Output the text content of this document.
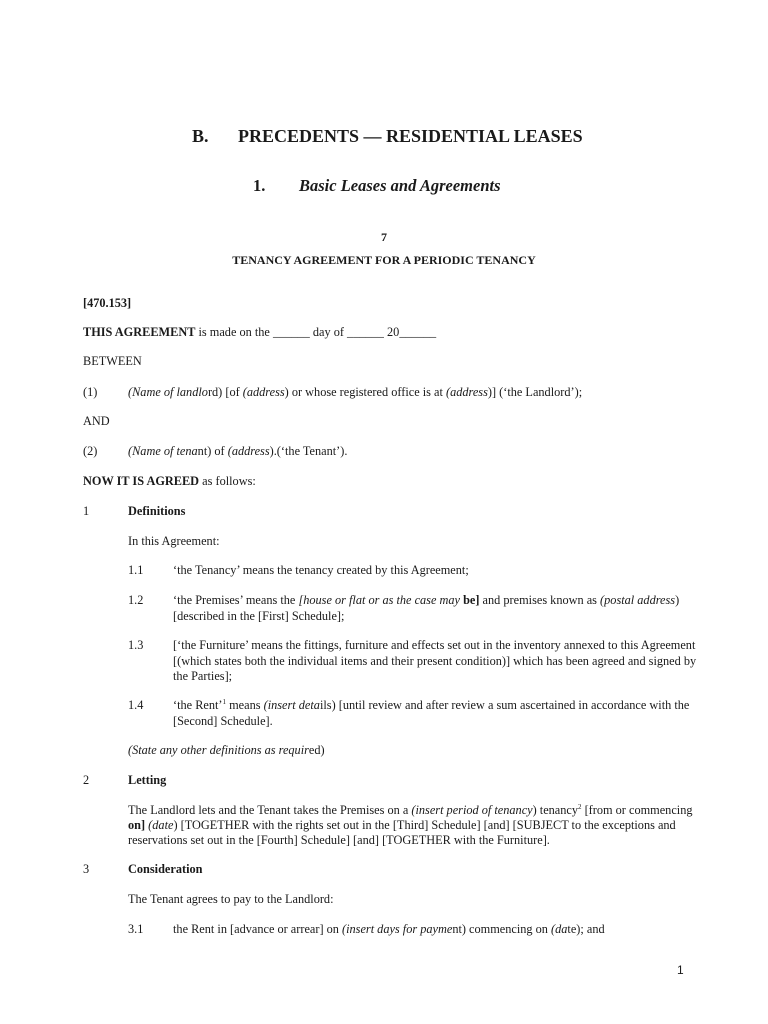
B. PRECEDENTS — RESIDENTIAL LEASES
1. Basic Leases and Agreements
7
TENANCY AGREEMENT FOR A PERIODIC TENANCY
[470.153]
THIS AGREEMENT is made on the ______ day of ______ 20______
BETWEEN
(1) (Name of landlord) [of (address) or whose registered office is at (address)] (‘the Landlord’);
AND
(2) (Name of tenant) of (address).(‘the Tenant’).
NOW IT IS AGREED as follows:
1	Definitions
In this Agreement:
1.1 ‘the Tenancy’ means the tenancy created by this Agreement;
1.2 ‘the Premises’ means the [house or flat or as the case may be] and premises known as (postal address)
[described in the [First] Schedule];
1.3 [‘the Furniture’ means the fittings, furniture and effects set out in the inventory annexed to this Agreement
[(which states both the individual items and their present condition)] which has been agreed and signed by
the Parties];
1.4 ‘the Rent’$^1$ means (insert details) [until review and after review a sum ascertained in accordance with the
[Second] Schedule].
(State any other definitions as required)
2	Letting
The Landlord lets and the Tenant takes the Premises on a (insert period of tenancy) tenancy$^2$ [from or commencing
on] (date) [TOGETHER with the rights set out in the [Third] Schedule] [and] [SUBJECT to the exceptions and
reservations set out in the [Fourth] Schedule] [and] [TOGETHER with the Furniture].
3	Consideration
The Tenant agrees to pay to the Landlord:
3.1 the Rent in [advance or arrear] on (insert days for payment) commencing on (date); and
1
